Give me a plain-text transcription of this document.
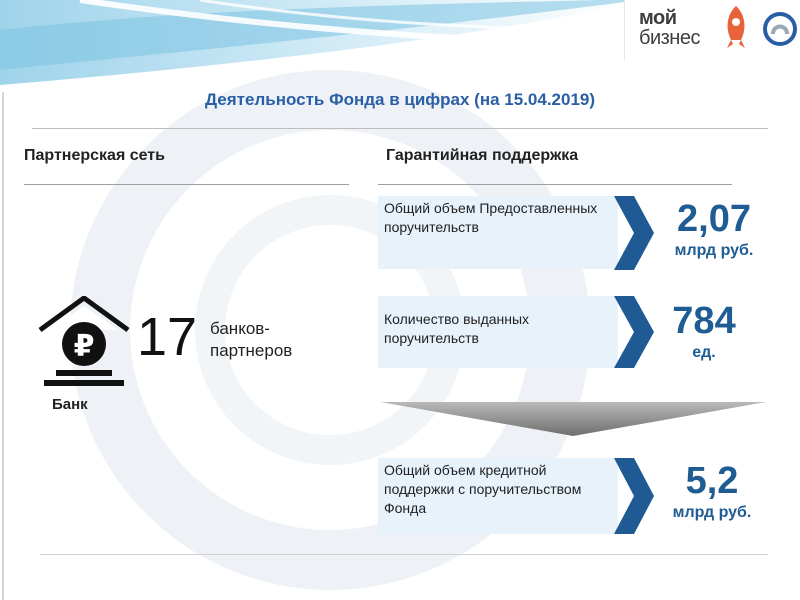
мой
бизнес
Деятельность Фонда в цифрах (на 15.04.2019)
Партнерская сеть
₽
Банк
17 банков-партнеров
Гарантийная поддержка
Общий объем Предоставленных поручительств	2,07
млрд руб.
Количество выданных поручительств	784
ед.
Общий объем кредитной поддержки с поручительством Фонда
5,2
млрд руб.
